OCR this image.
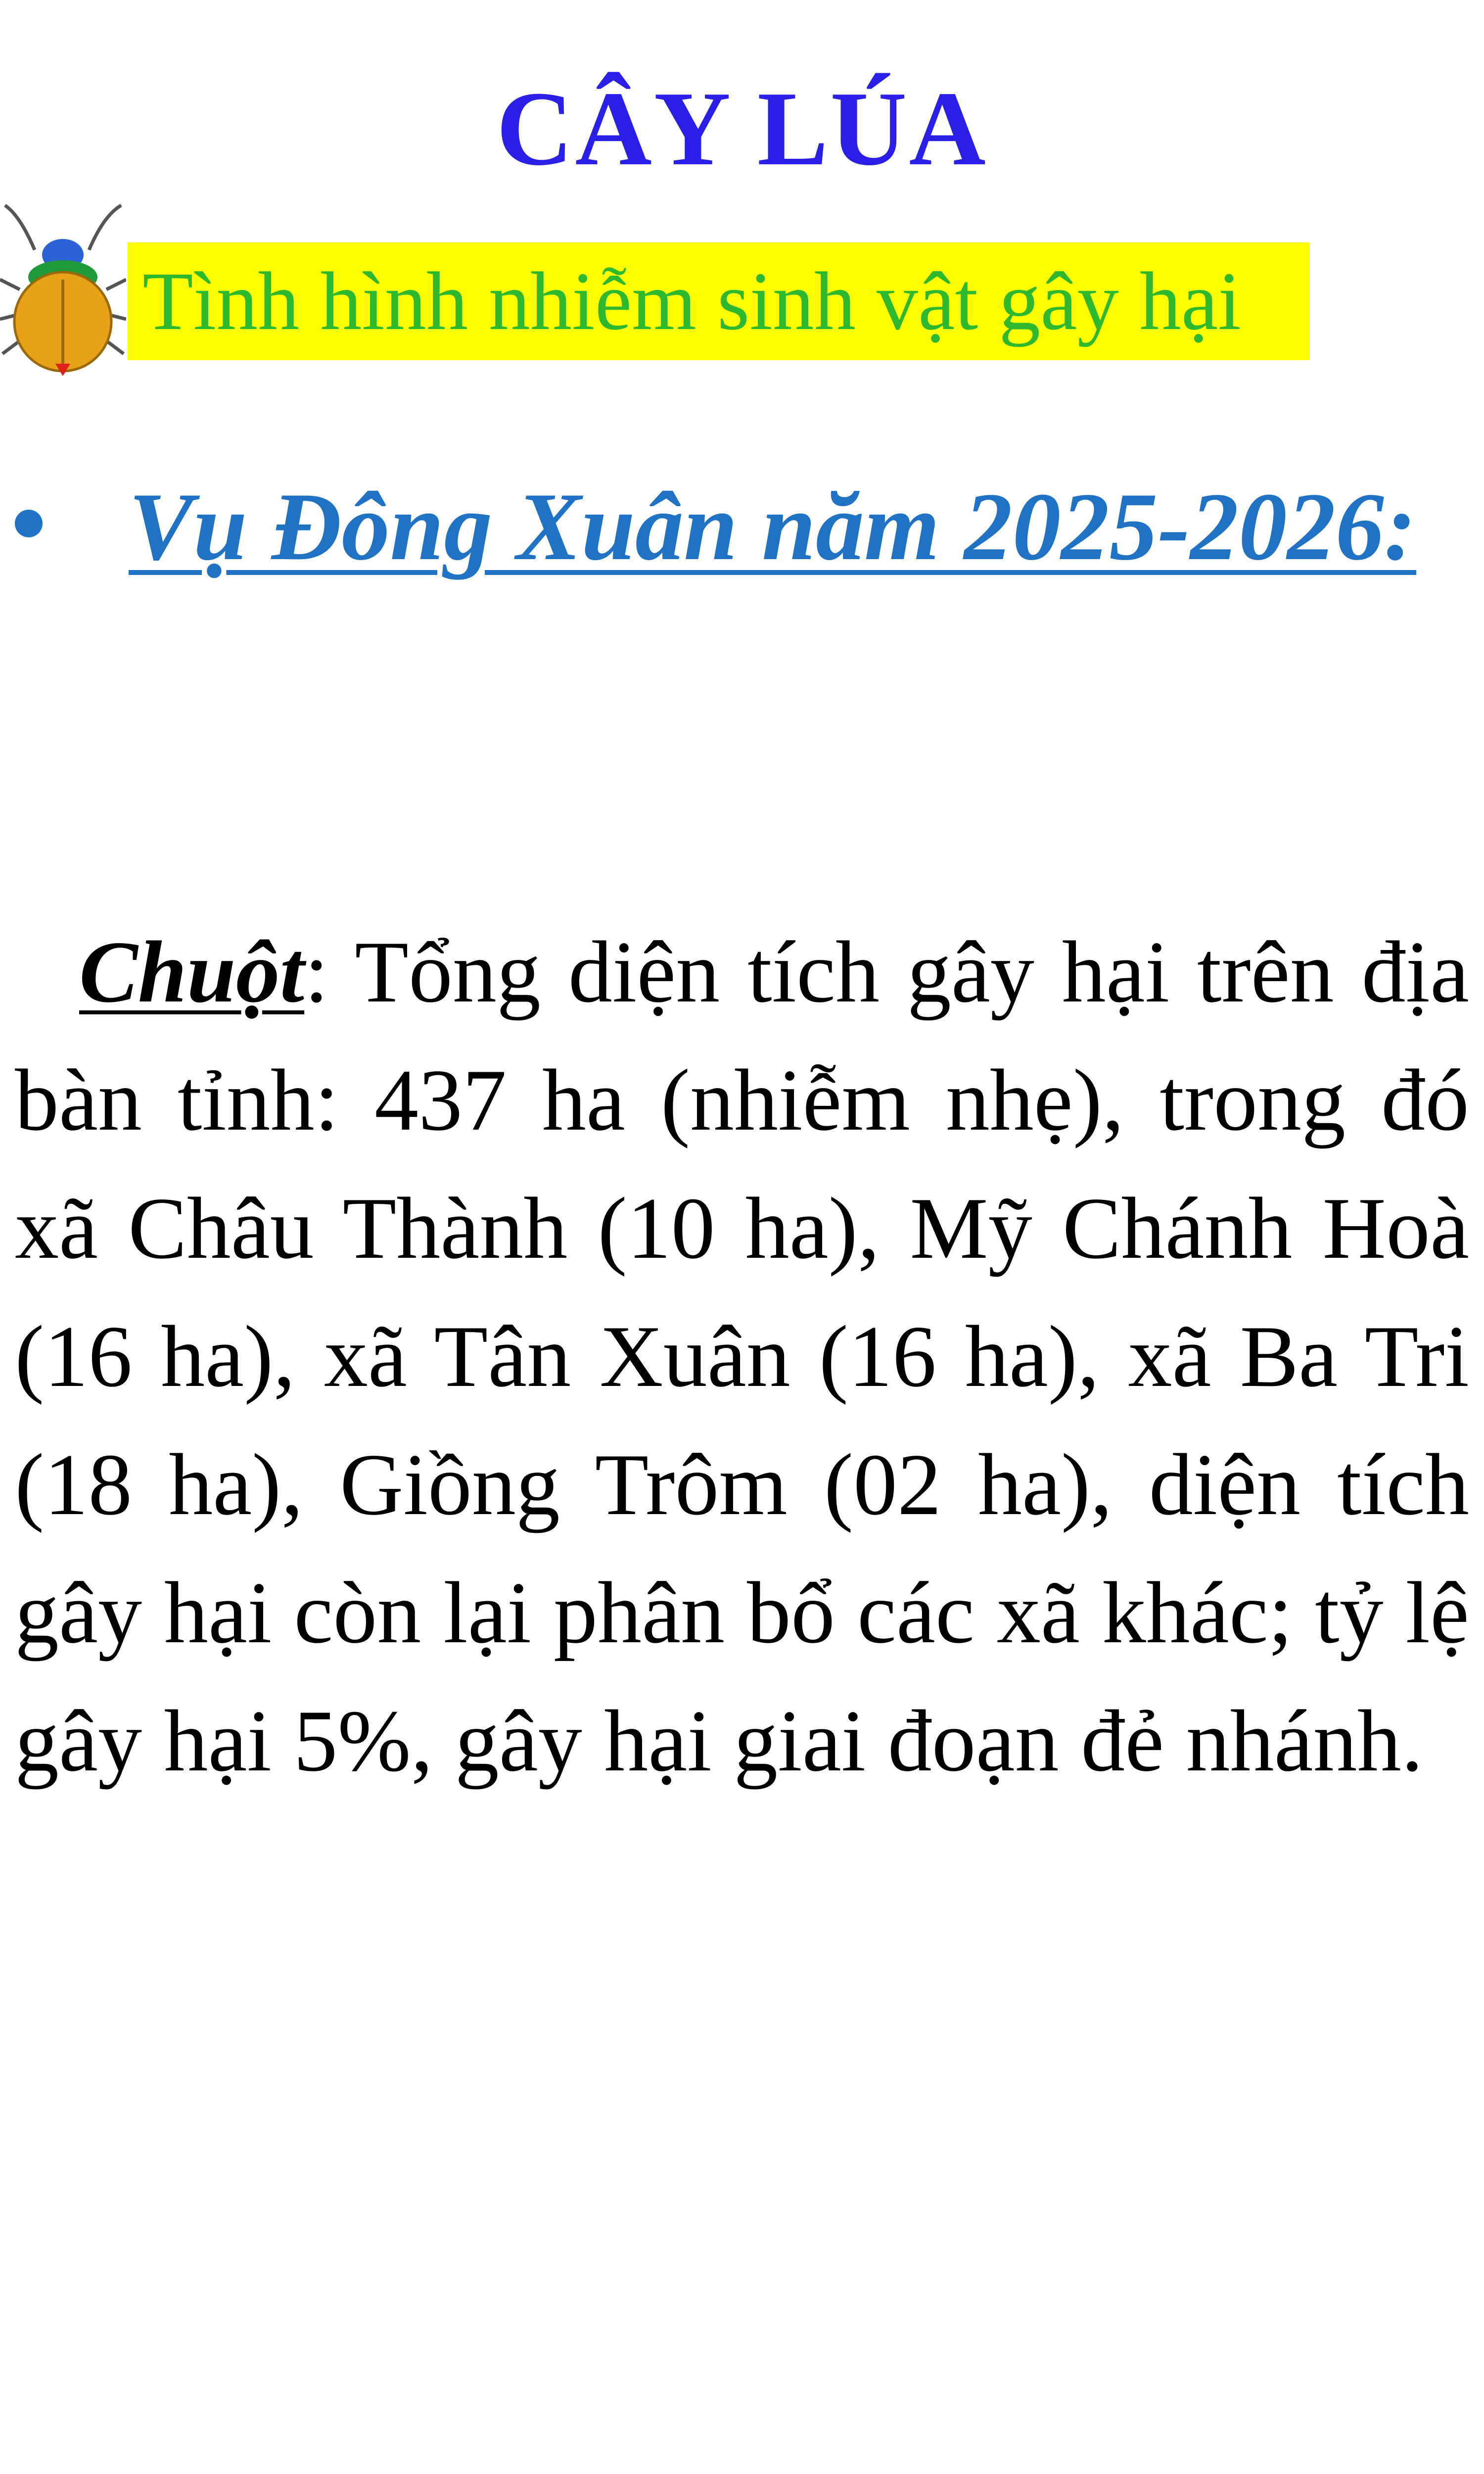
CÂY LÚA
Tình hình nhiễm sinh vật gây hại
Vụ Đông Xuân năm 2025-2026:

Chuột: Tổng diện tích gây hại trên địa bàn tỉnh: 437 ha (nhiễm nhẹ), trong đó xã Châu Thành (10 ha), Mỹ Chánh Hoà (16 ha), xã Tân Xuân (16 ha), xã Ba Tri (18 ha), Giồng Trôm (02 ha), diện tích gây hại còn lại phân bổ các xã khác; tỷ lệ gây hại 5%, gây hại giai đoạn đẻ nhánh.
